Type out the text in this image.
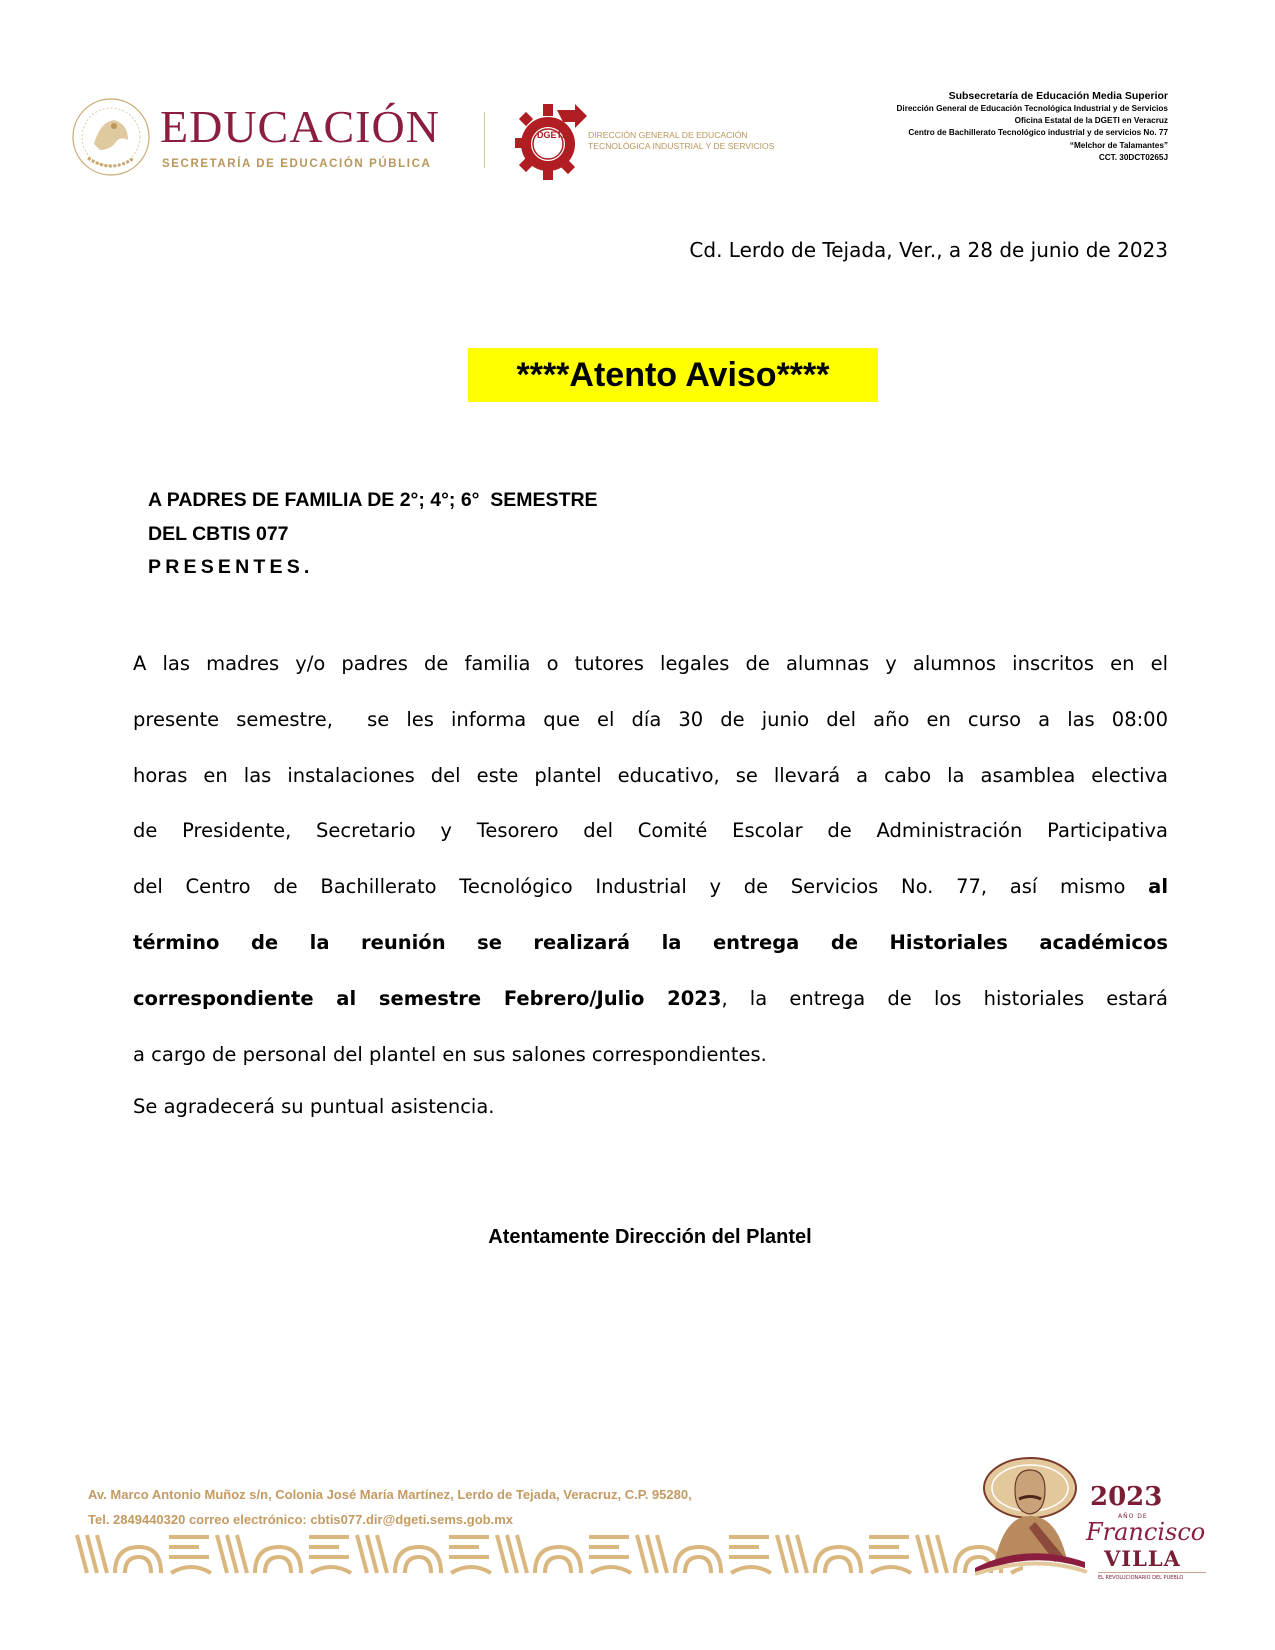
EDUCACIÓN
SECRETARÍA DE EDUCACIÓN PÚBLICA
DGETI	DIRECCIÓN GENERAL DE EDUCACIÓN
TECNOLÓGICA INDUSTRIAL Y DE SERVICIOS
Subsecretaría de Educación Media Superior
Dirección General de Educación Tecnológica Industrial y de Servicios
Oficina Estatal de la DGETI en Veracruz
Centro de Bachillerato Tecnológico industrial y de servicios No. 77
“Melchor de Talamantes”
CCT. 30DCT0265J
Cd. Lerdo de Tejada, Ver., a 28 de junio de 2023
****Atento Aviso****
A PADRES DE FAMILIA DE 2°; 4°; 6°  SEMESTRE
DEL CBTIS 077
PRESENTES.
A las madres y/o padres de familia o tutores legales de alumnas y alumnos inscritos en el
presente semestre,  se les informa que el día 30 de junio del año en curso a las 08:00
horas en las instalaciones del este plantel educativo, se llevará a cabo la asamblea electiva
de Presidente, Secretario y Tesorero del Comité Escolar de Administración Participativa
del Centro de Bachillerato Tecnológico Industrial y de Servicios No. 77, así mismo al
término de la reunión se realizará la entrega de Historiales académicos
correspondiente al semestre Febrero/Julio 2023, la entrega de los historiales estará
a cargo de personal del plantel en sus salones correspondientes.
Se agradecerá su puntual asistencia.
Atentamente Dirección del Plantel
Av. Marco Antonio Muñoz s/n, Colonia José María Martínez, Lerdo de Tejada, Veracruz, C.P. 95280,
Tel. 2849440320 correo electrónico: cbtis077.dir@dgeti.sems.gob.mx
2023
AÑO DE
Francisco
VILLA
EL REVOLUCIONARIO DEL PUEBLO
